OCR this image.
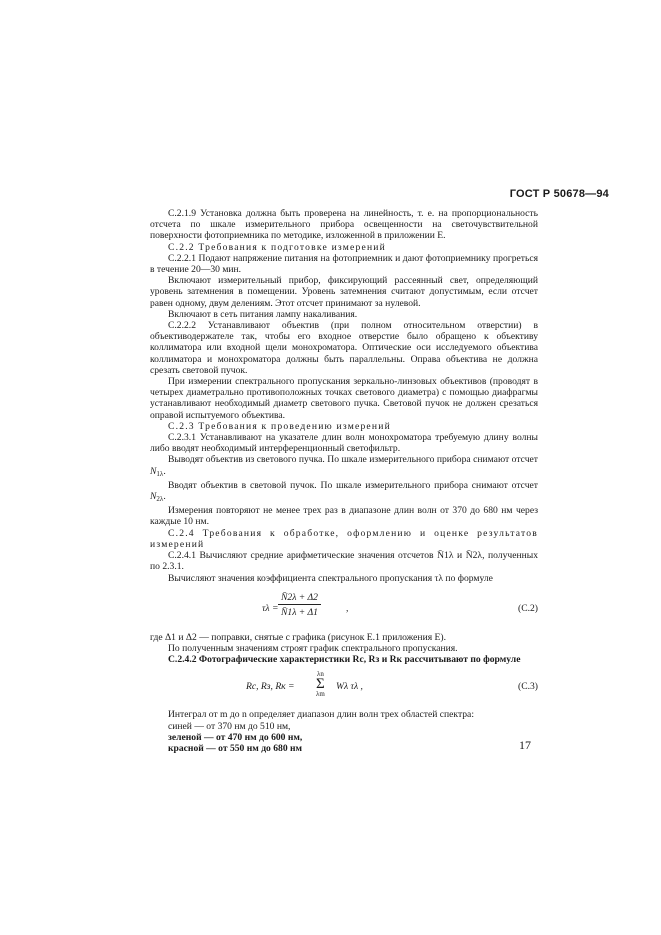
ГОСТ Р 50678—94

С.2.1.9 Установка должна быть проверена на линейность, т. е. на пропорциональность отсчета по шкале измерительного прибора освещенности на светочувствительной поверхности фотоприемника по методике, изложенной в приложении Е.

С.2.2 Требования к подготовке измерений

С.2.2.1 Подают напряжение питания на фотоприемник и дают фотоприемнику прогреться в течение 20—30 мин.

Включают измерительный прибор, фиксирующий рассеянный свет, определяющий уровень затемнения в помещении. Уровень затемнения считают допустимым, если отсчет равен одному, двум делениям. Этот отсчет принимают за нулевой.

Включают в сеть питания лампу накаливания.

С.2.2.2 Устанавливают объектив (при полном относительном отверстии) в объективодержателе так, чтобы его входное отверстие было обращено к объективу коллиматора или входной щели монохроматора. Оптические оси исследуемого объектива коллиматора и монохроматора должны быть параллельны. Оправа объектива не должна срезать световой пучок.

При измерении спектрального пропускания зеркально-линзовых объективов (проводят в четырех диаметрально противоположных точках светового диаметра) с помощью диафрагмы устанавливают необходимый диаметр светового пучка. Световой пучок не должен срезаться оправой испытуемого объектива.

С.2.3 Требования к проведению измерений

С.2.3.1 Устанавливают на указателе длин волн монохроматора требуемую длину волны либо вводят необходимый интерференционный светофильтр.

Выводят объектив из светового пучка. По шкале измерительного прибора снимают отсчет $N_{1\lambda}$.

Вводят объектив в световой пучок. По шкале измерительного прибора снимают отсчет $N_{2\lambda}$.

Измерения повторяют не менее трех раз в диапазоне длин волн от 370 до 680 нм через каждые 10 нм.

С.2.4 Требования к обработке, оформлению и оценке результатов измерений

С.2.4.1 Вычисляют средние арифметические значения отсчетов N̄1λ и N̄2λ, полученных по 2.3.1.

Вычисляют значения коэффициента спектрального пропускания τλ по формуле

$\tau\lambda = \frac{N̄2\lambda + \Delta 2}{N̄1\lambda + \Delta 1}$	,	(С.2)

где Δ1 и Δ2 — поправки, снятые с графика (рисунок Е.1 приложения Е).

По полученным значениям строят график спектрального пропускания.

С.2.4.2 Фотографические характеристики Rс, Rз и Rк рассчитывают по формуле

Rс, Rз, Rк =
λn
Σ
λm
Wλ τλ ,	(С.3)

Интеграл от m до n определяет диапазон длин волн трех областей спектра:

синей — от 370 нм до 510 нм,

зеленой — от 470 нм до 600 нм,

красной — от 550 нм до 680 нм	17
